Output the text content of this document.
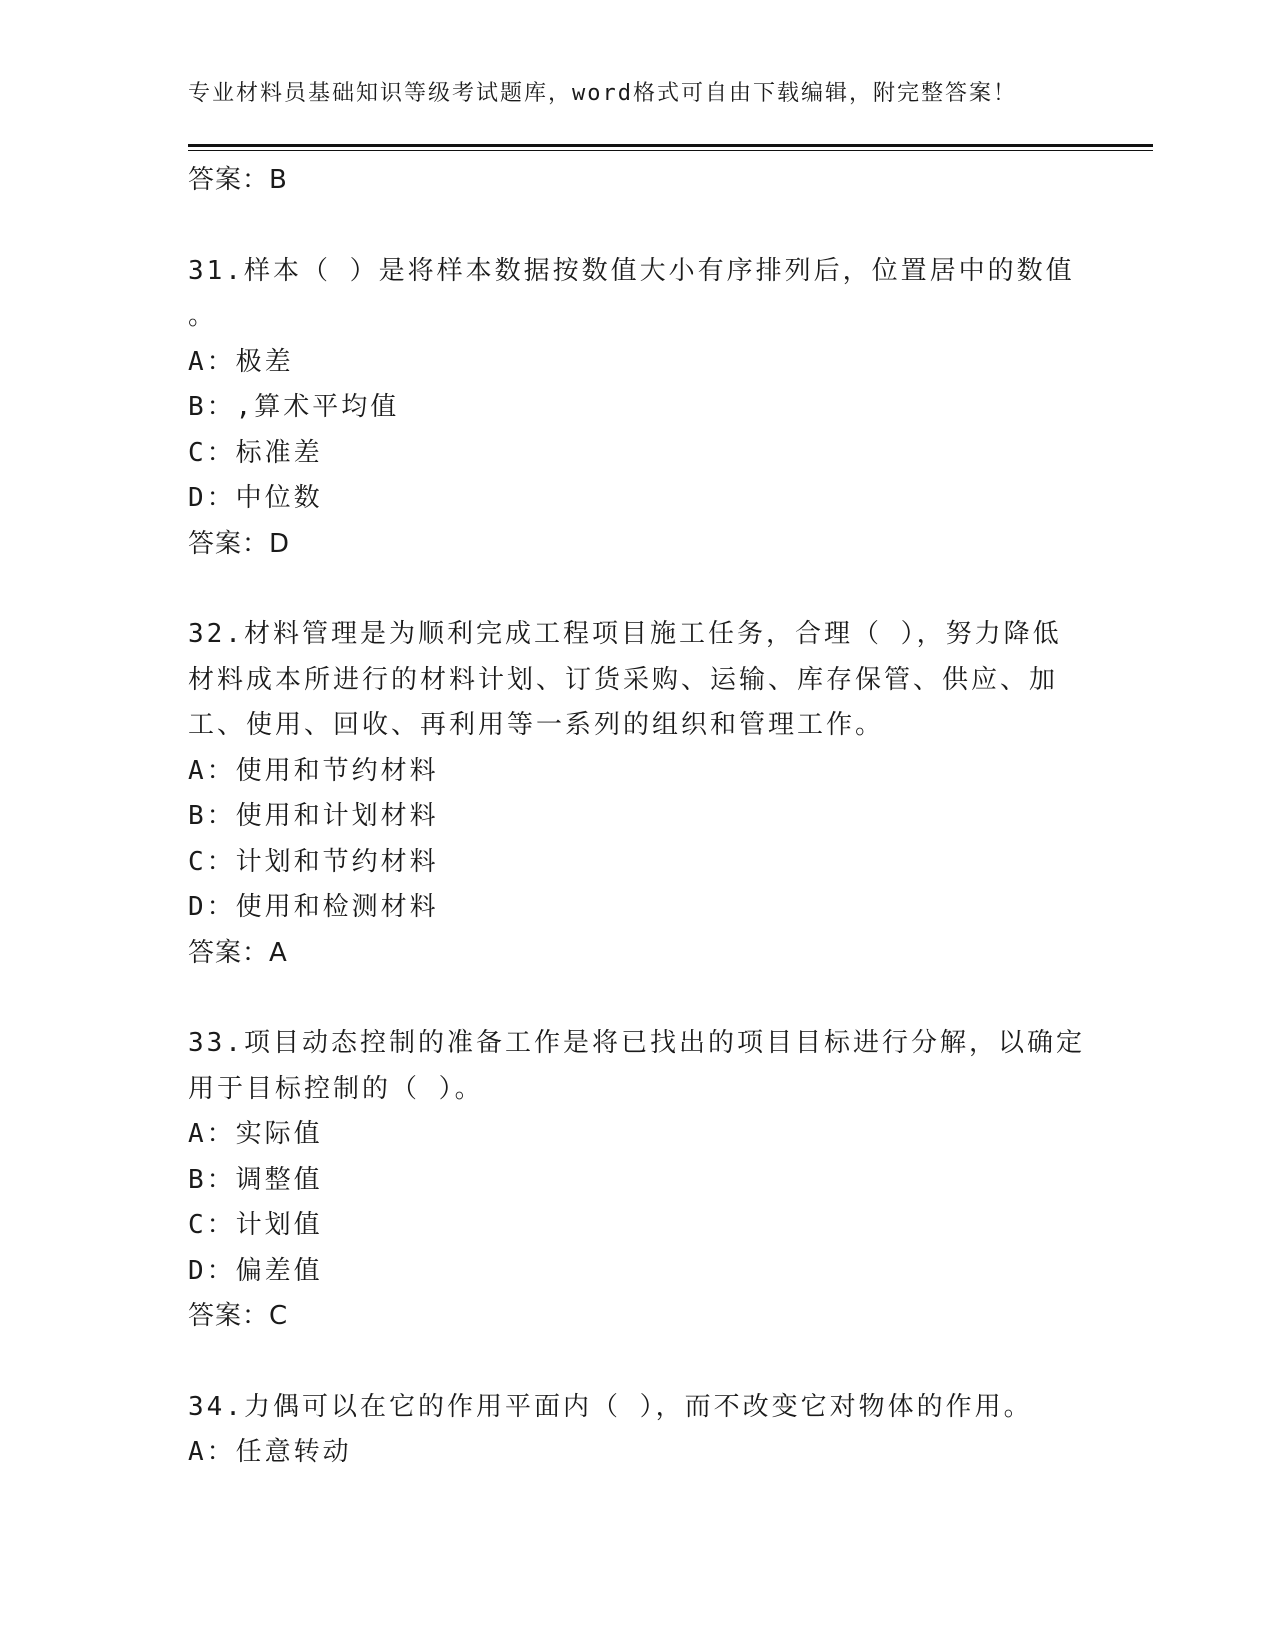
专业材料员基础知识等级考试题库，word格式可自由下载编辑，附完整答案！
答案：B
31.样本（ ）是将样本数据按数值大小有序排列后，位置居中的数值
。
A：极差
B：,算术平均值
C：标准差
D：中位数
答案：D
32.材料管理是为顺利完成工程项目施工任务，合理（ ），努力降低
材料成本所进行的材料计划、订货采购、运输、库存保管、供应、加
工、使用、回收、再利用等一系列的组织和管理工作。
A：使用和节约材料
B：使用和计划材料
C：计划和节约材料
D：使用和检测材料
答案：A
33.项目动态控制的准备工作是将已找出的项目目标进行分解，以确定
用于目标控制的（ ）。
A：实际值
B：调整值
C：计划值
D：偏差值
答案：C
34.力偶可以在它的作用平面内（ ），而不改变它对物体的作用。
A：任意转动
